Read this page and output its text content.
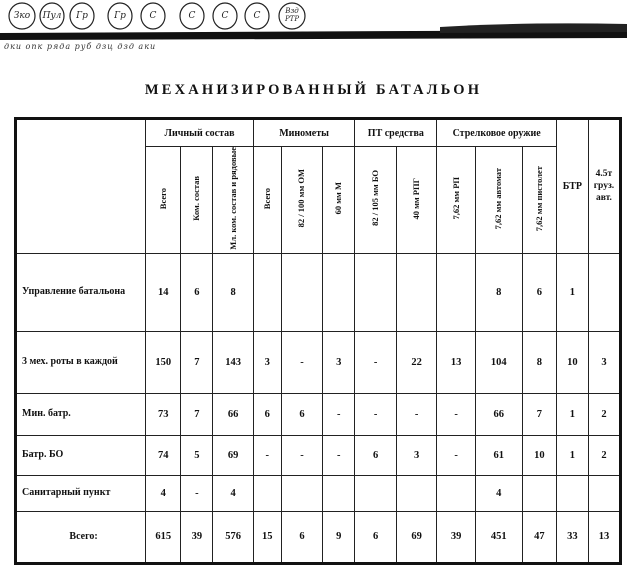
Зко	Пул	Гр	Гр	С	С	С	С	Взд РТР
дки опк ряда руб дзц дзд аки
МЕХАНИЗИРОВАННЫЙ БАТАЛЬОН
	Личный состав			Минометы			ПТ средства		Стрелковое оружие			БТР	4.5т груз. авт.
	Всего	Ком. состав	Мл. ком. состав и рядовые	Всего	82 / 100 мм ОМ	60 мм М	82 / 105 мм БО	40 мм РПГ	7,62 мм РП	7,62 мм автомат	7,62 мм пистолет		
Управление батальона	14	6	8							8	6	1	
3 мех. роты в каждой	150	7	143	3	-	3	-	22	13	104	8	10	3
Мин. батр.	73	7	66	6	6	-	-	-	-	66	7	1	2
Батр. БО	74	5	69	-	-	-	6	3	-	61	10	1	2
Санитарный пункт	4	-	4							4			
Всего:	615	39	576	15	6	9	6	69	39	451	47	33	13
